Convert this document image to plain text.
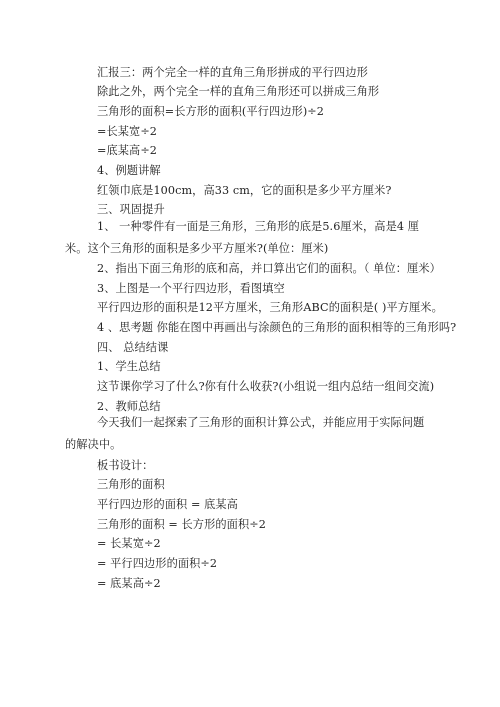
汇报三：两个完全一样的直角三角形拼成的平行四边形
除此之外，两个完全一样的直角三角形还可以拼成三角形
三角形的面积=长方形的面积(平行四边形)÷2
=长某宽÷2
=底某高÷2
4、例题讲解
红领巾底是100cm，高33 cm，它的面积是多少平方厘米?
三、巩固提升
1、 一种零件有一面是三角形，三角形的底是5.6厘米，高是4 厘米。这个三角形的面积是多少平方厘米?(单位：厘米)
2、指出下面三角形的底和高，并口算出它们的面积。（ 单位：厘米）
3、上图是一个平行四边形，看图填空
平行四边形的面积是12平方厘米，三角形ABC的面积是( )平方厘米。
4 、思考题 你能在图中再画出与涂颜色的三角形的面积相等的三角形吗?
四、 总结结课
1、学生总结
这节课你学习了什么?你有什么收获?(小组说一组内总结一组间交流)
2、教师总结
今天我们一起探索了三角形的面积计算公式，并能应用于实际问题的解决中。
板书设计：
三角形的面积
平行四边形的面积 = 底某高
三角形的面积 = 长方形的面积÷2
= 长某宽÷2
= 平行四边形的面积÷2
= 底某高÷2
